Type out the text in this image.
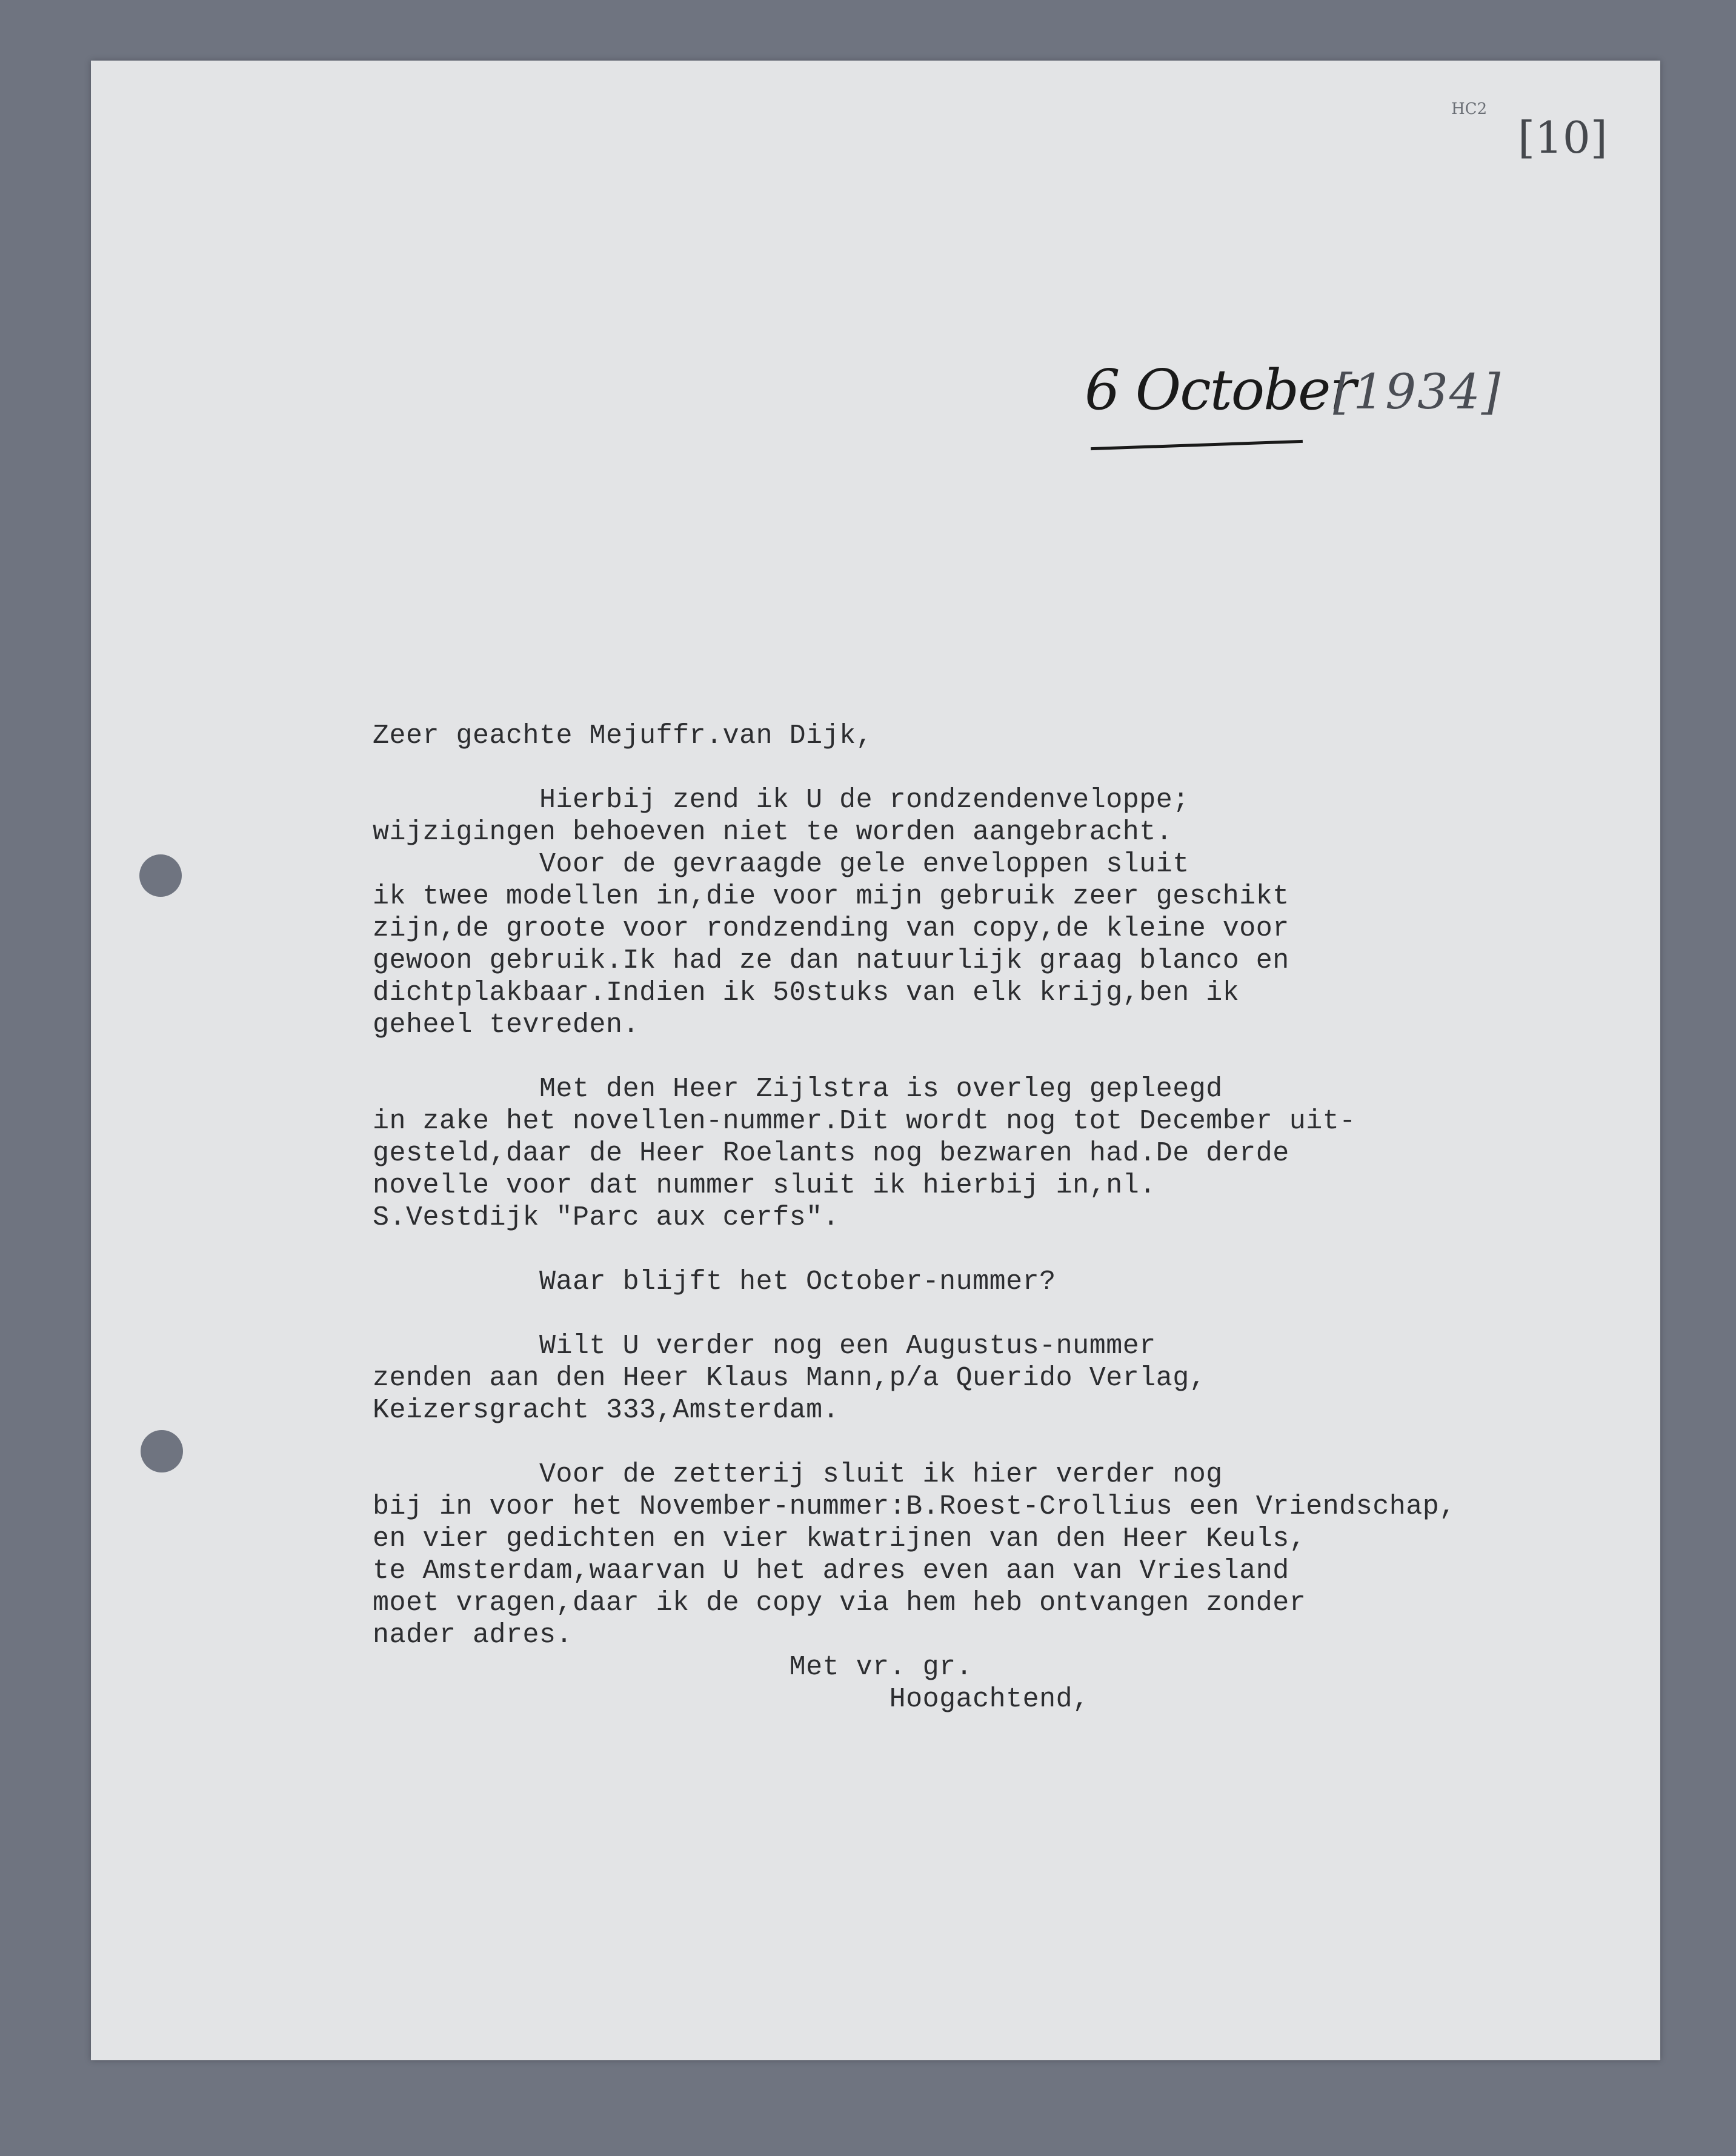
HC2
[10]
6 October
[1934]
Zeer geachte Mejuffr.van Dijk,
Hierbij zend ik U de rondzendenveloppe;
wijzigingen behoeven niet te worden aangebracht.
Voor de gevraagde gele enveloppen sluit
ik twee modellen in,die voor mijn gebruik zeer geschikt
zijn,de groote voor rondzending van copy,de kleine voor
gewoon gebruik.Ik had ze dan natuurlijk graag blanco en
dichtplakbaar.Indien ik 50stuks van elk krijg,ben ik
geheel tevreden.
Met den Heer Zijlstra is overleg gepleegd
in zake het novellen-nummer.Dit wordt nog tot December uit-
gesteld,daar de Heer Roelants nog bezwaren had.De derde
novelle voor dat nummer sluit ik hierbij in,nl.
S.Vestdijk "Parc aux cerfs".
Waar blijft het October-nummer?
Wilt U verder nog een Augustus-nummer
zenden aan den Heer Klaus Mann,p/a Querido Verlag,
Keizersgracht 333,Amsterdam.
Voor de zetterij sluit ik hier verder nog
bij in voor het November-nummer:B.Roest-Crollius een Vriendschap,
en vier gedichten en vier kwatrijnen van den Heer Keuls,
te Amsterdam,waarvan U het adres even aan van Vriesland
moet vragen,daar ik de copy via hem heb ontvangen zonder
nader adres.
Met vr. gr.
Hoogachtend,
